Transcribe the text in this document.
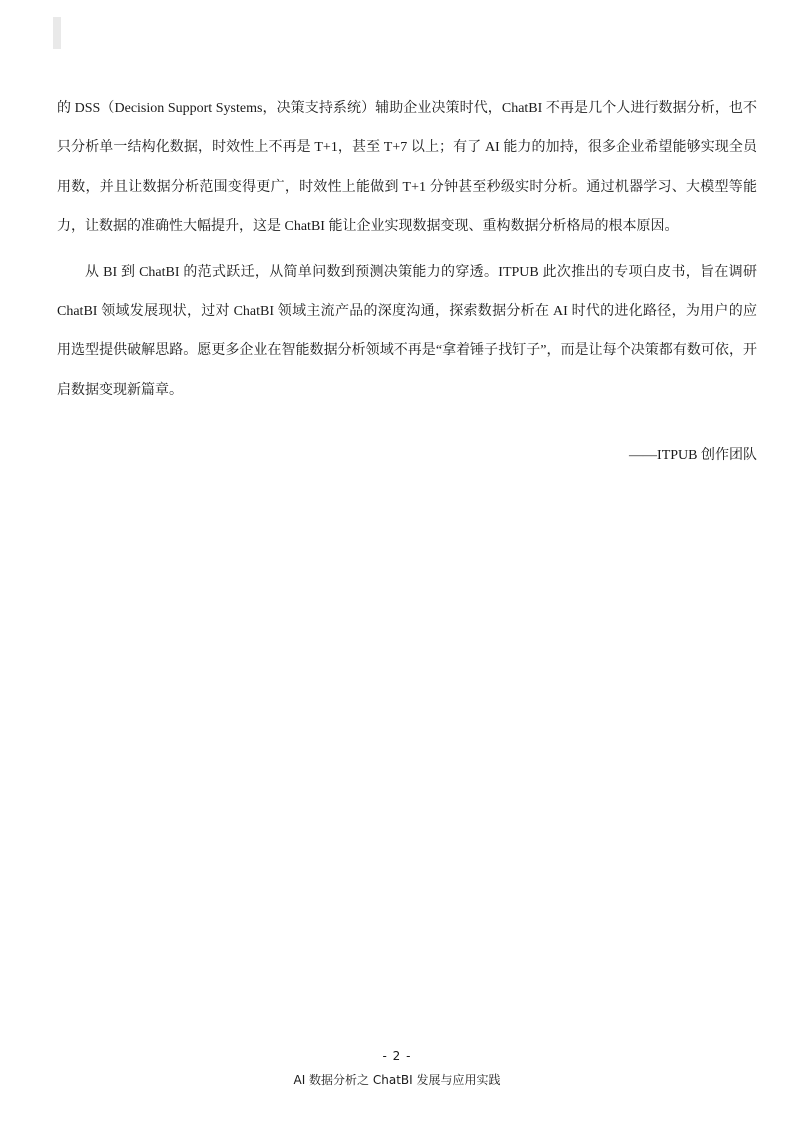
的 DSS（Decision Support Systems，决策支持系统）辅助企业决策时代，ChatBI 不再是几个人进行数据分析，也不只分析单一结构化数据，时效性上不再是 T+1，甚至 T+7 以上；有了 AI 能力的加持，很多企业希望能够实现全员用数，并且让数据分析范围变得更广，时效性上能做到 T+1 分钟甚至秒级实时分析。通过机器学习、大模型等能力，让数据的准确性大幅提升，这是 ChatBI 能让企业实现数据变现、重构数据分析格局的根本原因。

从 BI 到 ChatBI 的范式跃迁，从简单问数到预测决策能力的穿透。ITPUB 此次推出的专项白皮书，旨在调研 ChatBI 领域发展现状，过对 ChatBI 领域主流产品的深度沟通，探索数据分析在 AI 时代的进化路径，为用户的应用选型提供破解思路。愿更多企业在智能数据分析领域不再是“拿着锤子找钉子”，而是让每个决策都有数可依，开启数据变现新篇章。

——ITPUB 创作团队
- 2 -
AI 数据分析之 ChatBI 发展与应用实践
